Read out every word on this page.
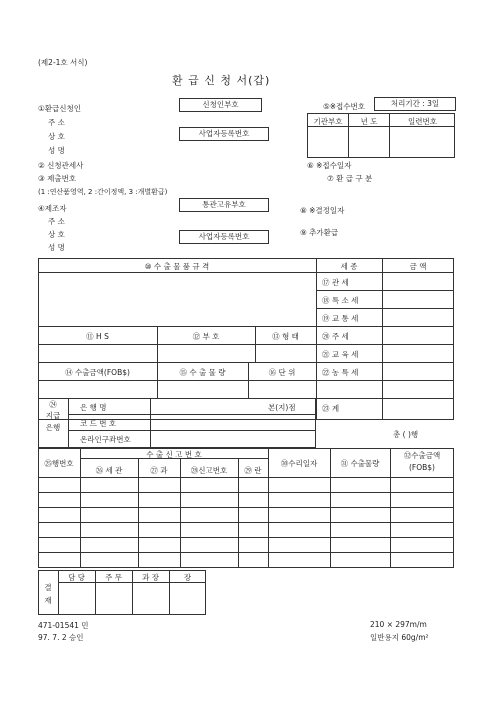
(제2-1호 서식)
환 급 신 청 서(갑)
①환급신청인
주 소
상 호
성 명
신청인부호
사업자등록번호
② 신청관세사
③ 제출번호
(1 :연산품영역, 2 :간이정액, 3 :개별환급)
④제조자
주 소
상 호
성 명
통관고유부호
사업자등록번호
⑤※접수번호	처리기간 : 3일
기관부호	년 도	일련번호
⑥ ※접수일자
⑦ 환 급 구 분
⑧ ※결정일자
⑨ 추가환급
⑩ 수 출 물 품 규 격	세 종	금 액
⑪ H S	⑫ 부 호	⑬ 형 태
⑭ 수출금액(FOB$)	⑮ 수 출 물 량	⑯ 단 위
⑰ 관 세
⑱ 특 소 세
⑲ 교 통 세
⑳ 주 세
㉑ 교 육 세
㉒ 농 특 세
㉔
지급
은행
은 행 명	본(지)점
코 드 번 호
온라인구좌번호
㉓ 계
총 ( )행
㉕행번호
수 출 신 고 번 호
㉖ 세 관	㉗ 과	㉘신고번호	㉙ 란
㉚수리일자	㉛ 수출물량
㉜수출금액
(FOB$)
결
재
담 당	주 무	과 장	장
471-01541 민
97. 7. 2 승인
210 × 297m/m
일반용지 60g/m²
